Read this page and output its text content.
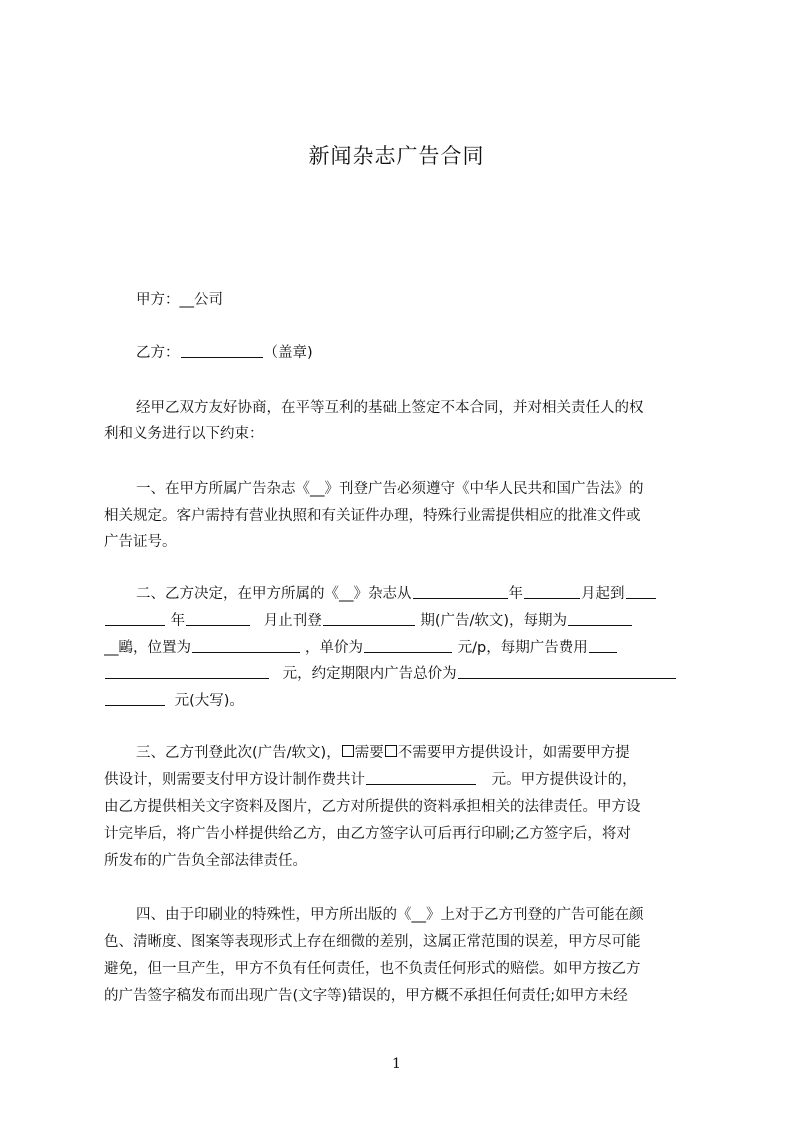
新闻杂志广告合同
甲方：__公司
乙方：	（盖章)
经甲乙双方友好协商，在平等互利的基础上签定不本合同，并对相关责任人的权
利和义务进行以下约束：
一、在甲方所属广告杂志《__》刊登广告必须遵守《中华人民共和国广告法》的
相关规定。客户需持有营业执照和有关证件办理，特殊行业需提供相应的批准文件或
广告证号。
二、乙方决定，在甲方所属的《__》杂志从	年	月起到
年	月止刊登	期(广告/软文)，每期为
__鷗，位置为	，单价为	元/p，每期广告费用
元，约定期限内广告总价为
元(大写)。
三、乙方刊登此次(广告/软文)， 需要 不需要甲方提供设计，如需要甲方提
供设计，则需要支付甲方设计制作费共计	元。甲方提供设计的，
由乙方提供相关文字资料及图片，乙方对所提供的资料承担相关的法律责任。甲方设
计完毕后，将广告小样提供给乙方，由乙方签字认可后再行印刷;乙方签字后，将对
所发布的广告负全部法律责任。
四、由于印刷业的特殊性，甲方所出版的《__》上对于乙方刊登的广告可能在颜
色、清晰度、图案等表现形式上存在细微的差别，这属正常范围的误差，甲方尽可能
避免，但一旦产生，甲方不负有任何责任，也不负责任何形式的赔偿。如甲方按乙方
的广告签字稿发布而出现广告(文字等)错误的，甲方概不承担任何责任;如甲方未经
1
